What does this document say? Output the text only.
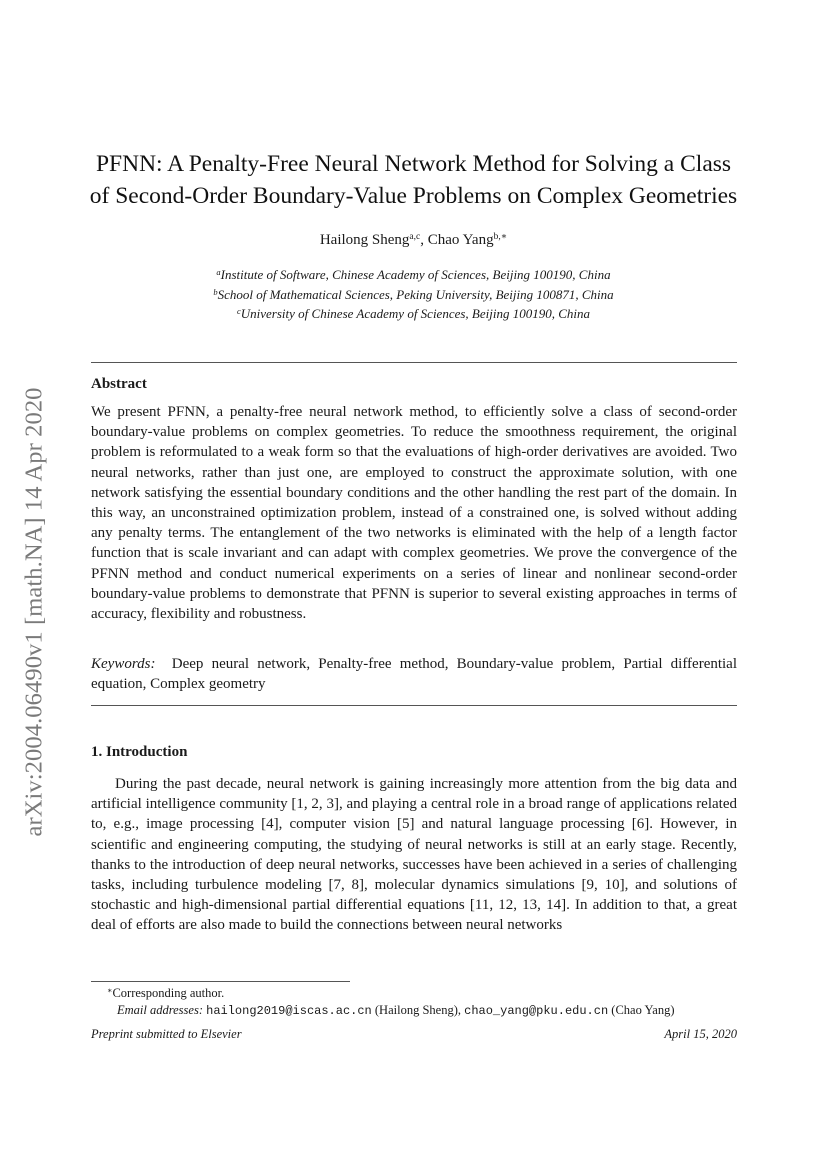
arXiv:2004.06490v1 [math.NA] 14 Apr 2020
PFNN: A Penalty-Free Neural Network Method for Solving a Class
of Second-Order Boundary-Value Problems on Complex Geometries
Hailong Sheng$^{a,c}$, Chao Yang$^{b,∗}$
$^a$Institute of Software, Chinese Academy of Sciences, Beijing 100190, China
$^b$School of Mathematical Sciences, Peking University, Beijing 100871, China
$^c$University of Chinese Academy of Sciences, Beijing 100190, China
Abstract
We present PFNN, a penalty-free neural network method, to efficiently solve a class of second-order boundary-value problems on complex geometries. To reduce the smoothness requirement, the original problem is reformulated to a weak form so that the evaluations of high-order derivatives are avoided. Two neural networks, rather than just one, are employed to construct the approximate solution, with one network satisfying the essential boundary conditions and the other handling the rest part of the domain. In this way, an unconstrained optimization problem, instead of a constrained one, is solved without adding any penalty terms. The entanglement of the two networks is eliminated with the help of a length factor function that is scale invariant and can adapt with complex geometries. We prove the convergence of the PFNN method and conduct numerical experiments on a series of linear and nonlinear second-order boundary-value problems to demonstrate that PFNN is superior to several existing approaches in terms of accuracy, flexibility and robustness.
Keywords: Deep neural network, Penalty-free method, Boundary-value problem, Partial differential equation, Complex geometry
1. Introduction
During the past decade, neural network is gaining increasingly more attention from the big data and artificial intelligence community [1, 2, 3], and playing a central role in a broad range of applications related to, e.g., image processing [4], computer vision [5] and natural language processing [6]. However, in scientific and engineering computing, the studying of neural networks is still at an early stage. Recently, thanks to the introduction of deep neural networks, successes have been achieved in a series of challenging tasks, including turbulence modeling [7, 8], molecular dynamics simulations [9, 10], and solutions of stochastic and high-dimensional partial differential equations [11, 12, 13, 14]. In addition to that, a great deal of efforts are also made to build the connections between neural networks
∗Corresponding author.
Email addresses: hailong2019@iscas.ac.cn (Hailong Sheng), chao_yang@pku.edu.cn (Chao Yang)
Preprint submitted to Elsevier	April 15, 2020
